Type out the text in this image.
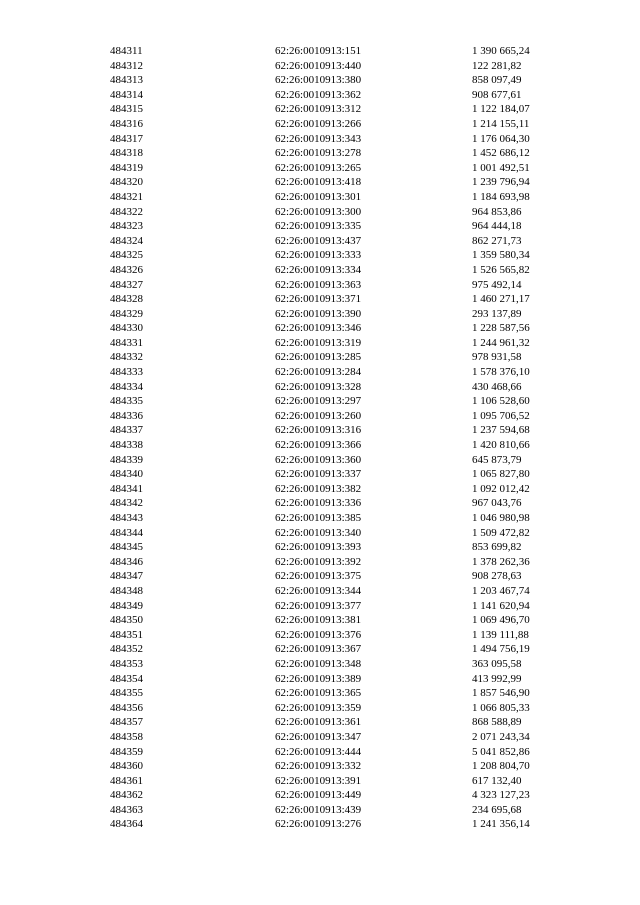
484311	62:26:0010913:151	1 390 665,24
484312	62:26:0010913:440	122 281,82
484313	62:26:0010913:380	858 097,49
484314	62:26:0010913:362	908 677,61
484315	62:26:0010913:312	1 122 184,07
484316	62:26:0010913:266	1 214 155,11
484317	62:26:0010913:343	1 176 064,30
484318	62:26:0010913:278	1 452 686,12
484319	62:26:0010913:265	1 001 492,51
484320	62:26:0010913:418	1 239 796,94
484321	62:26:0010913:301	1 184 693,98
484322	62:26:0010913:300	964 853,86
484323	62:26:0010913:335	964 444,18
484324	62:26:0010913:437	862 271,73
484325	62:26:0010913:333	1 359 580,34
484326	62:26:0010913:334	1 526 565,82
484327	62:26:0010913:363	975 492,14
484328	62:26:0010913:371	1 460 271,17
484329	62:26:0010913:390	293 137,89
484330	62:26:0010913:346	1 228 587,56
484331	62:26:0010913:319	1 244 961,32
484332	62:26:0010913:285	978 931,58
484333	62:26:0010913:284	1 578 376,10
484334	62:26:0010913:328	430 468,66
484335	62:26:0010913:297	1 106 528,60
484336	62:26:0010913:260	1 095 706,52
484337	62:26:0010913:316	1 237 594,68
484338	62:26:0010913:366	1 420 810,66
484339	62:26:0010913:360	645 873,79
484340	62:26:0010913:337	1 065 827,80
484341	62:26:0010913:382	1 092 012,42
484342	62:26:0010913:336	967 043,76
484343	62:26:0010913:385	1 046 980,98
484344	62:26:0010913:340	1 509 472,82
484345	62:26:0010913:393	853 699,82
484346	62:26:0010913:392	1 378 262,36
484347	62:26:0010913:375	908 278,63
484348	62:26:0010913:344	1 203 467,74
484349	62:26:0010913:377	1 141 620,94
484350	62:26:0010913:381	1 069 496,70
484351	62:26:0010913:376	1 139 111,88
484352	62:26:0010913:367	1 494 756,19
484353	62:26:0010913:348	363 095,58
484354	62:26:0010913:389	413 992,99
484355	62:26:0010913:365	1 857 546,90
484356	62:26:0010913:359	1 066 805,33
484357	62:26:0010913:361	868 588,89
484358	62:26:0010913:347	2 071 243,34
484359	62:26:0010913:444	5 041 852,86
484360	62:26:0010913:332	1 208 804,70
484361	62:26:0010913:391	617 132,40
484362	62:26:0010913:449	4 323 127,23
484363	62:26:0010913:439	234 695,68
484364	62:26:0010913:276	1 241 356,14
